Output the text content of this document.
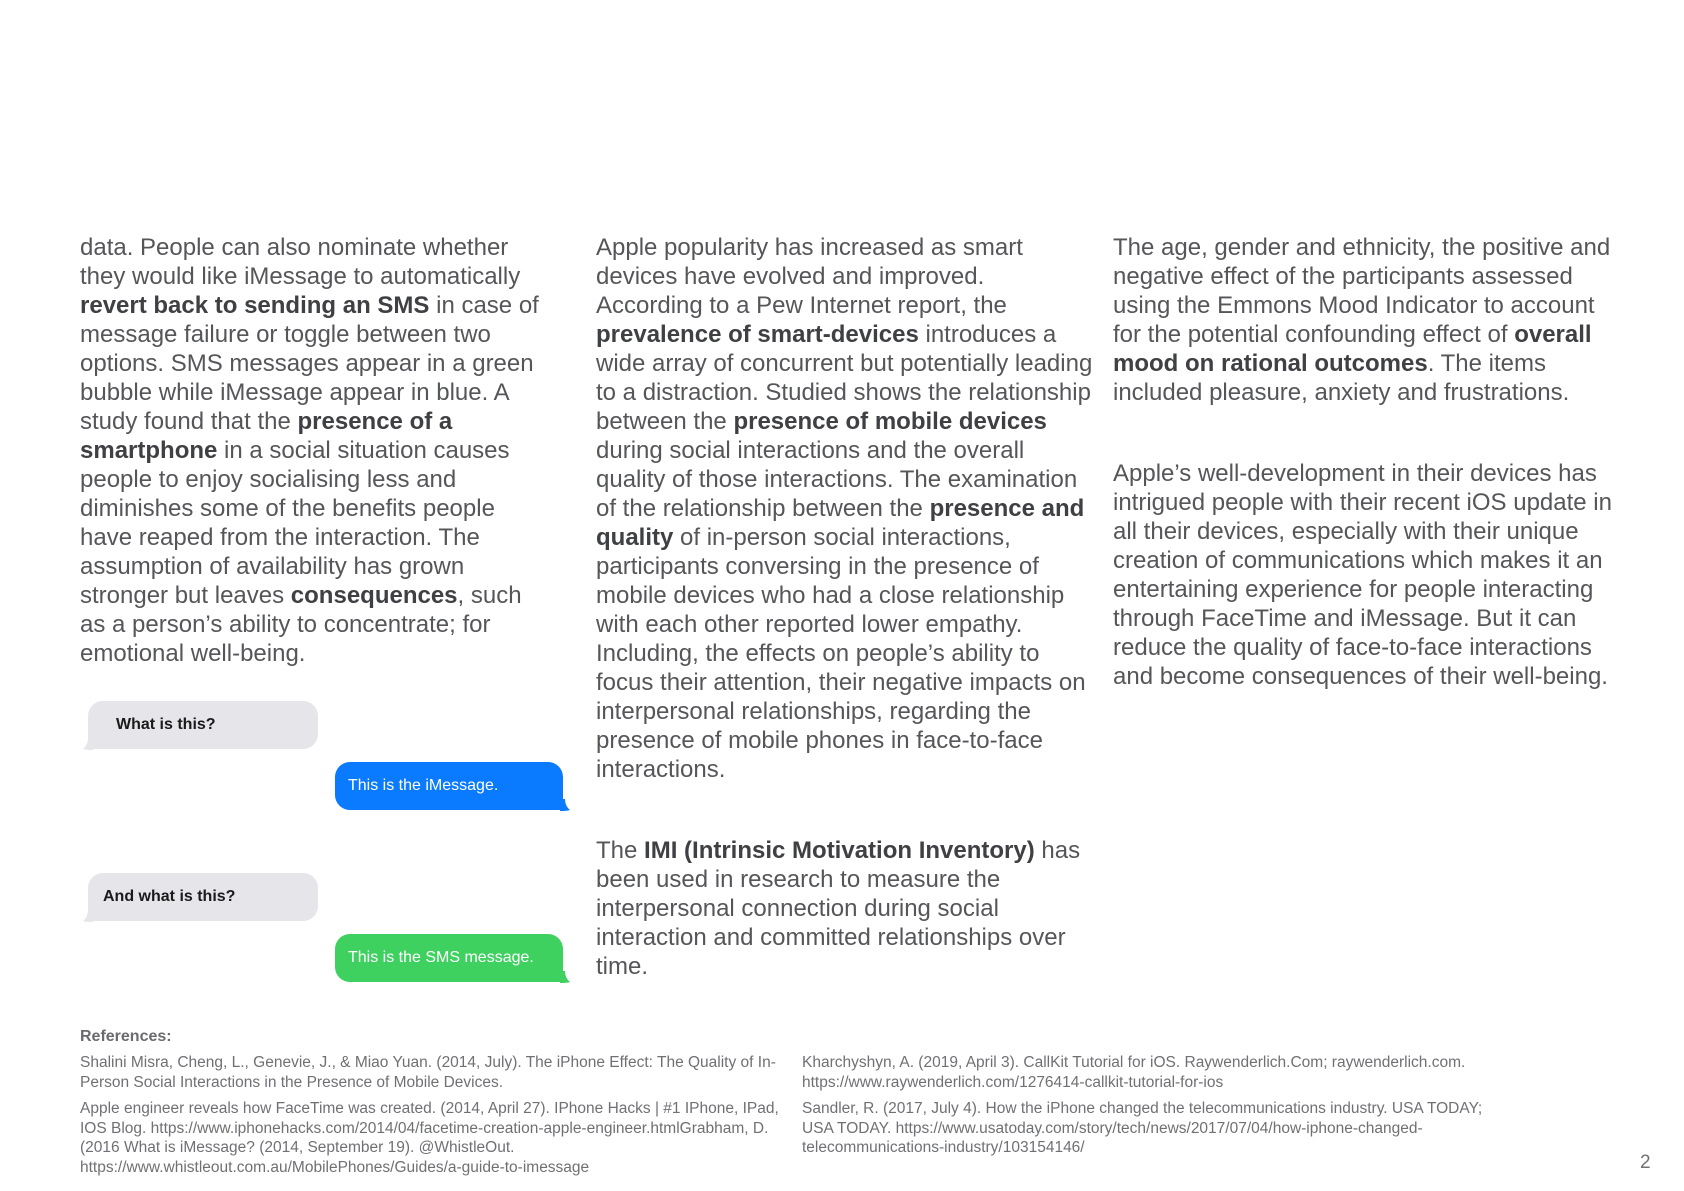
data. People can also nominate whether they would like iMessage to automatically revert back to sending an SMS in case of message failure or toggle between two options. SMS messages appear in a green bubble while iMessage appear in blue. A study found that the presence of a smartphone in a social situation causes people to enjoy socialising less and diminishes some of the benefits people have reaped from the interaction. The assumption of availability has grown stronger but leaves consequences, such as a person’s ability to concentrate; for emotional well-being.

What is this?
This is the iMessage.
And what is this?
This is the SMS message.

Apple popularity has increased as smart devices have evolved and improved. According to a Pew Internet report, the prevalence of smart-devices introduces a wide array of concurrent but potentially leading to a distraction. Studied shows the relationship between the presence of mobile devices during social interactions and the overall quality of those interactions. The examination of the relationship between the presence and quality of in-person social interactions, participants conversing in the presence of mobile devices who had a close relationship with each other reported lower empathy. Including, the effects on people’s ability to focus their attention, their negative impacts on interpersonal relationships, regarding the presence of mobile phones in face-to-face interactions.

The IMI (Intrinsic Motivation Inventory) has been used in research to measure the interpersonal connection during social interaction and committed relationships over time.

The age, gender and ethnicity, the positive and negative effect of the participants assessed using the Emmons Mood Indicator to account for the potential confounding effect of overall mood on rational outcomes. The items included pleasure, anxiety and frustrations.

Apple’s well-development in their devices has intrigued people with their recent iOS update in all their devices, especially with their unique creation of communications which makes it an entertaining experience for people interacting through FaceTime and iMessage. But it can reduce the quality of face-to-face interactions and become consequences of their well-being.

References:

Shalini Misra, Cheng, L., Genevie, J., & Miao Yuan. (2014, July). The iPhone Effect: The Quality of In-Person Social Interactions in the Presence of Mobile Devices.

Apple engineer reveals how FaceTime was created. (2014, April 27). IPhone Hacks | #1 IPhone, IPad, IOS Blog. https://www.iphonehacks.com/2014/04/facetime-creation-apple-engineer.htmlGrabham, D.(2016 What is iMessage? (2014, September 19). @WhistleOut. https://www.whistleout.com.au/MobilePhones/Guides/a-guide-to-imessage

Kharchyshyn, A. (2019, April 3). CallKit Tutorial for iOS. Raywenderlich.Com; raywenderlich.com. https://www.raywenderlich.com/1276414-callkit-tutorial-for-ios

Sandler, R. (2017, July 4). How the iPhone changed the telecommunications industry. USA TODAY; USA TODAY. https://www.usatoday.com/story/tech/news/2017/07/04/how-iphone-changed-telecommunications-industry/103154146/

2
